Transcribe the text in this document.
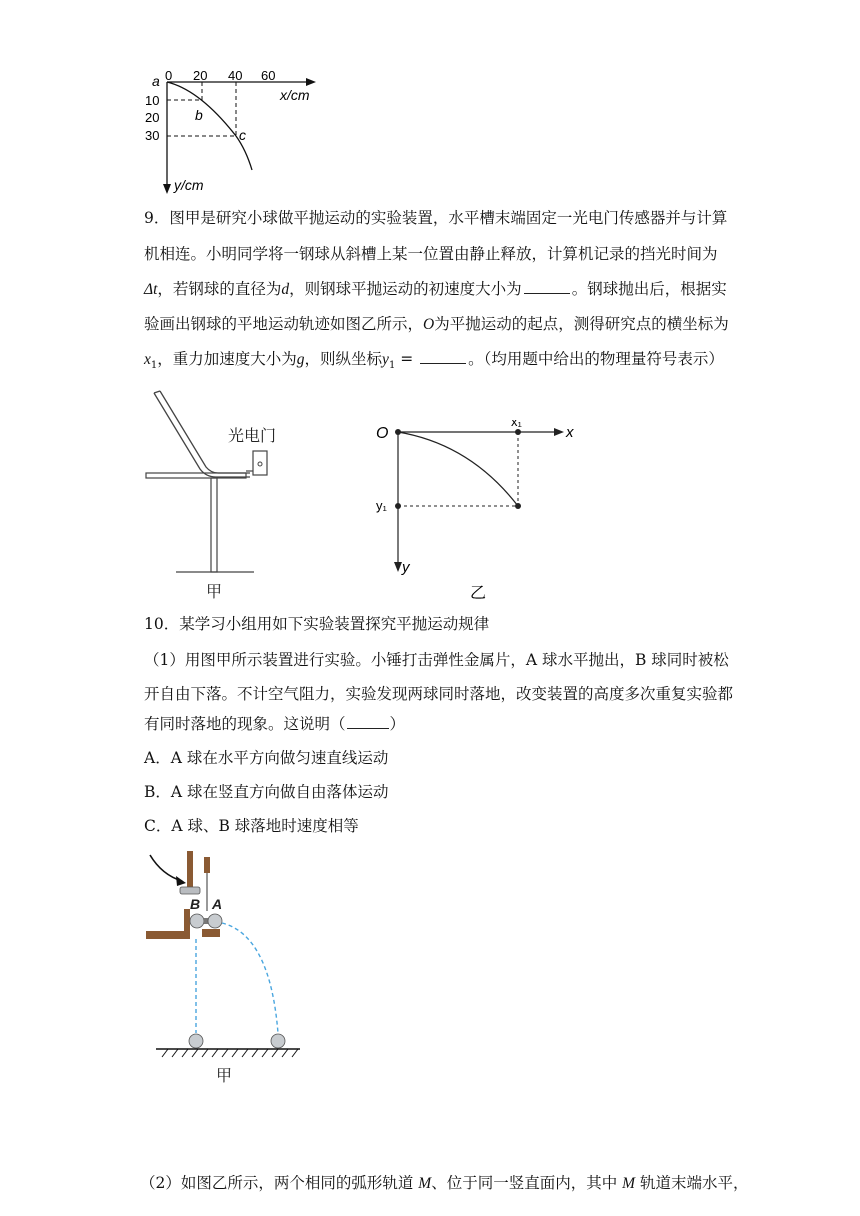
a 0 20 40 60
x/cm
10
20
30
b
c
y/cm
9．图甲是研究小球做平抛运动的实验装置，水平槽末端固定一光电门传感器并与计算
机相连。小明同学将一钢球从斜槽上某一位置由静止释放，计算机记录的挡光时间为
Δt，若钢球的直径为d，则钢球平抛运动的初速度大小为	。钢球抛出后，根据实
验画出钢球的平地运动轨迹如图乙所示，O为平抛运动的起点，测得研究点的横坐标为
$x_1$，重力加速度大小为g，则纵坐标$y_1$ =	。（均用题中给出的物理量符号表示）
光电门
甲
O
x₁
x
y₁
y
乙
10．某学习小组用如下实验装置探究平抛运动规律
（1）用图甲所示装置进行实验。小锤打击弹性金属片，A 球水平抛出，B 球同时被松
开自由下落。不计空气阻力，实验发现两球同时落地，改变装置的高度多次重复实验都
有同时落地的现象。这说明（	）
A．A 球在水平方向做匀速直线运动
B．A 球在竖直方向做自由落体运动
C．A 球、B 球落地时速度相等
B A
甲
（2）如图乙所示，两个相同的弧形轨道 M、位于同一竖直面内，其中 M 轨道末端水平，
